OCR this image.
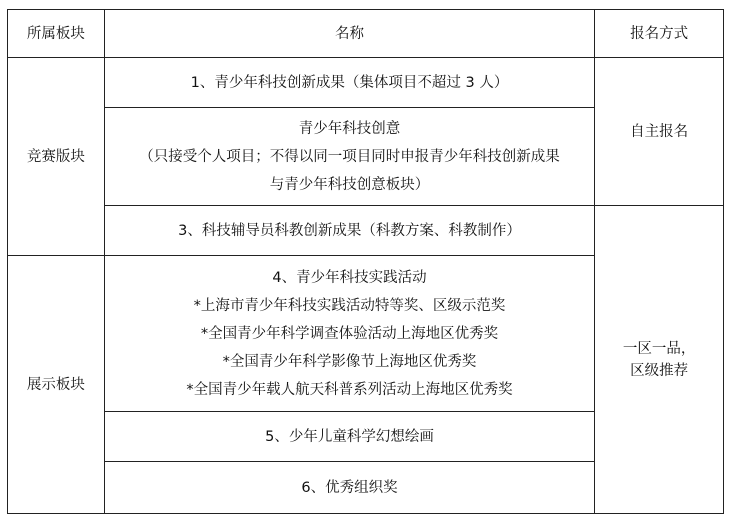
所属板块	名称	报名方式
竞赛版块	1、青少年科技创新成果（集体项目不超过 3 人）	自主报名

	青少年科技创意
（只接受个人项目；不得以同一项目同时申报青少年科技创新成果
与青少年科技创意板块）	

	3、科技辅导员科教创新成果（科教方案、科教制作）	一区一品，
区级推荐

展示板块	4、青少年科技实践活动
*上海市青少年科技实践活动特等奖、区级示范奖
*全国青少年科学调查体验活动上海地区优秀奖
*全国青少年科学影像节上海地区优秀奖
*全国青少年载人航天科普系列活动上海地区优秀奖	

	5、少年儿童科学幻想绘画	

	6、优秀组织奖	
